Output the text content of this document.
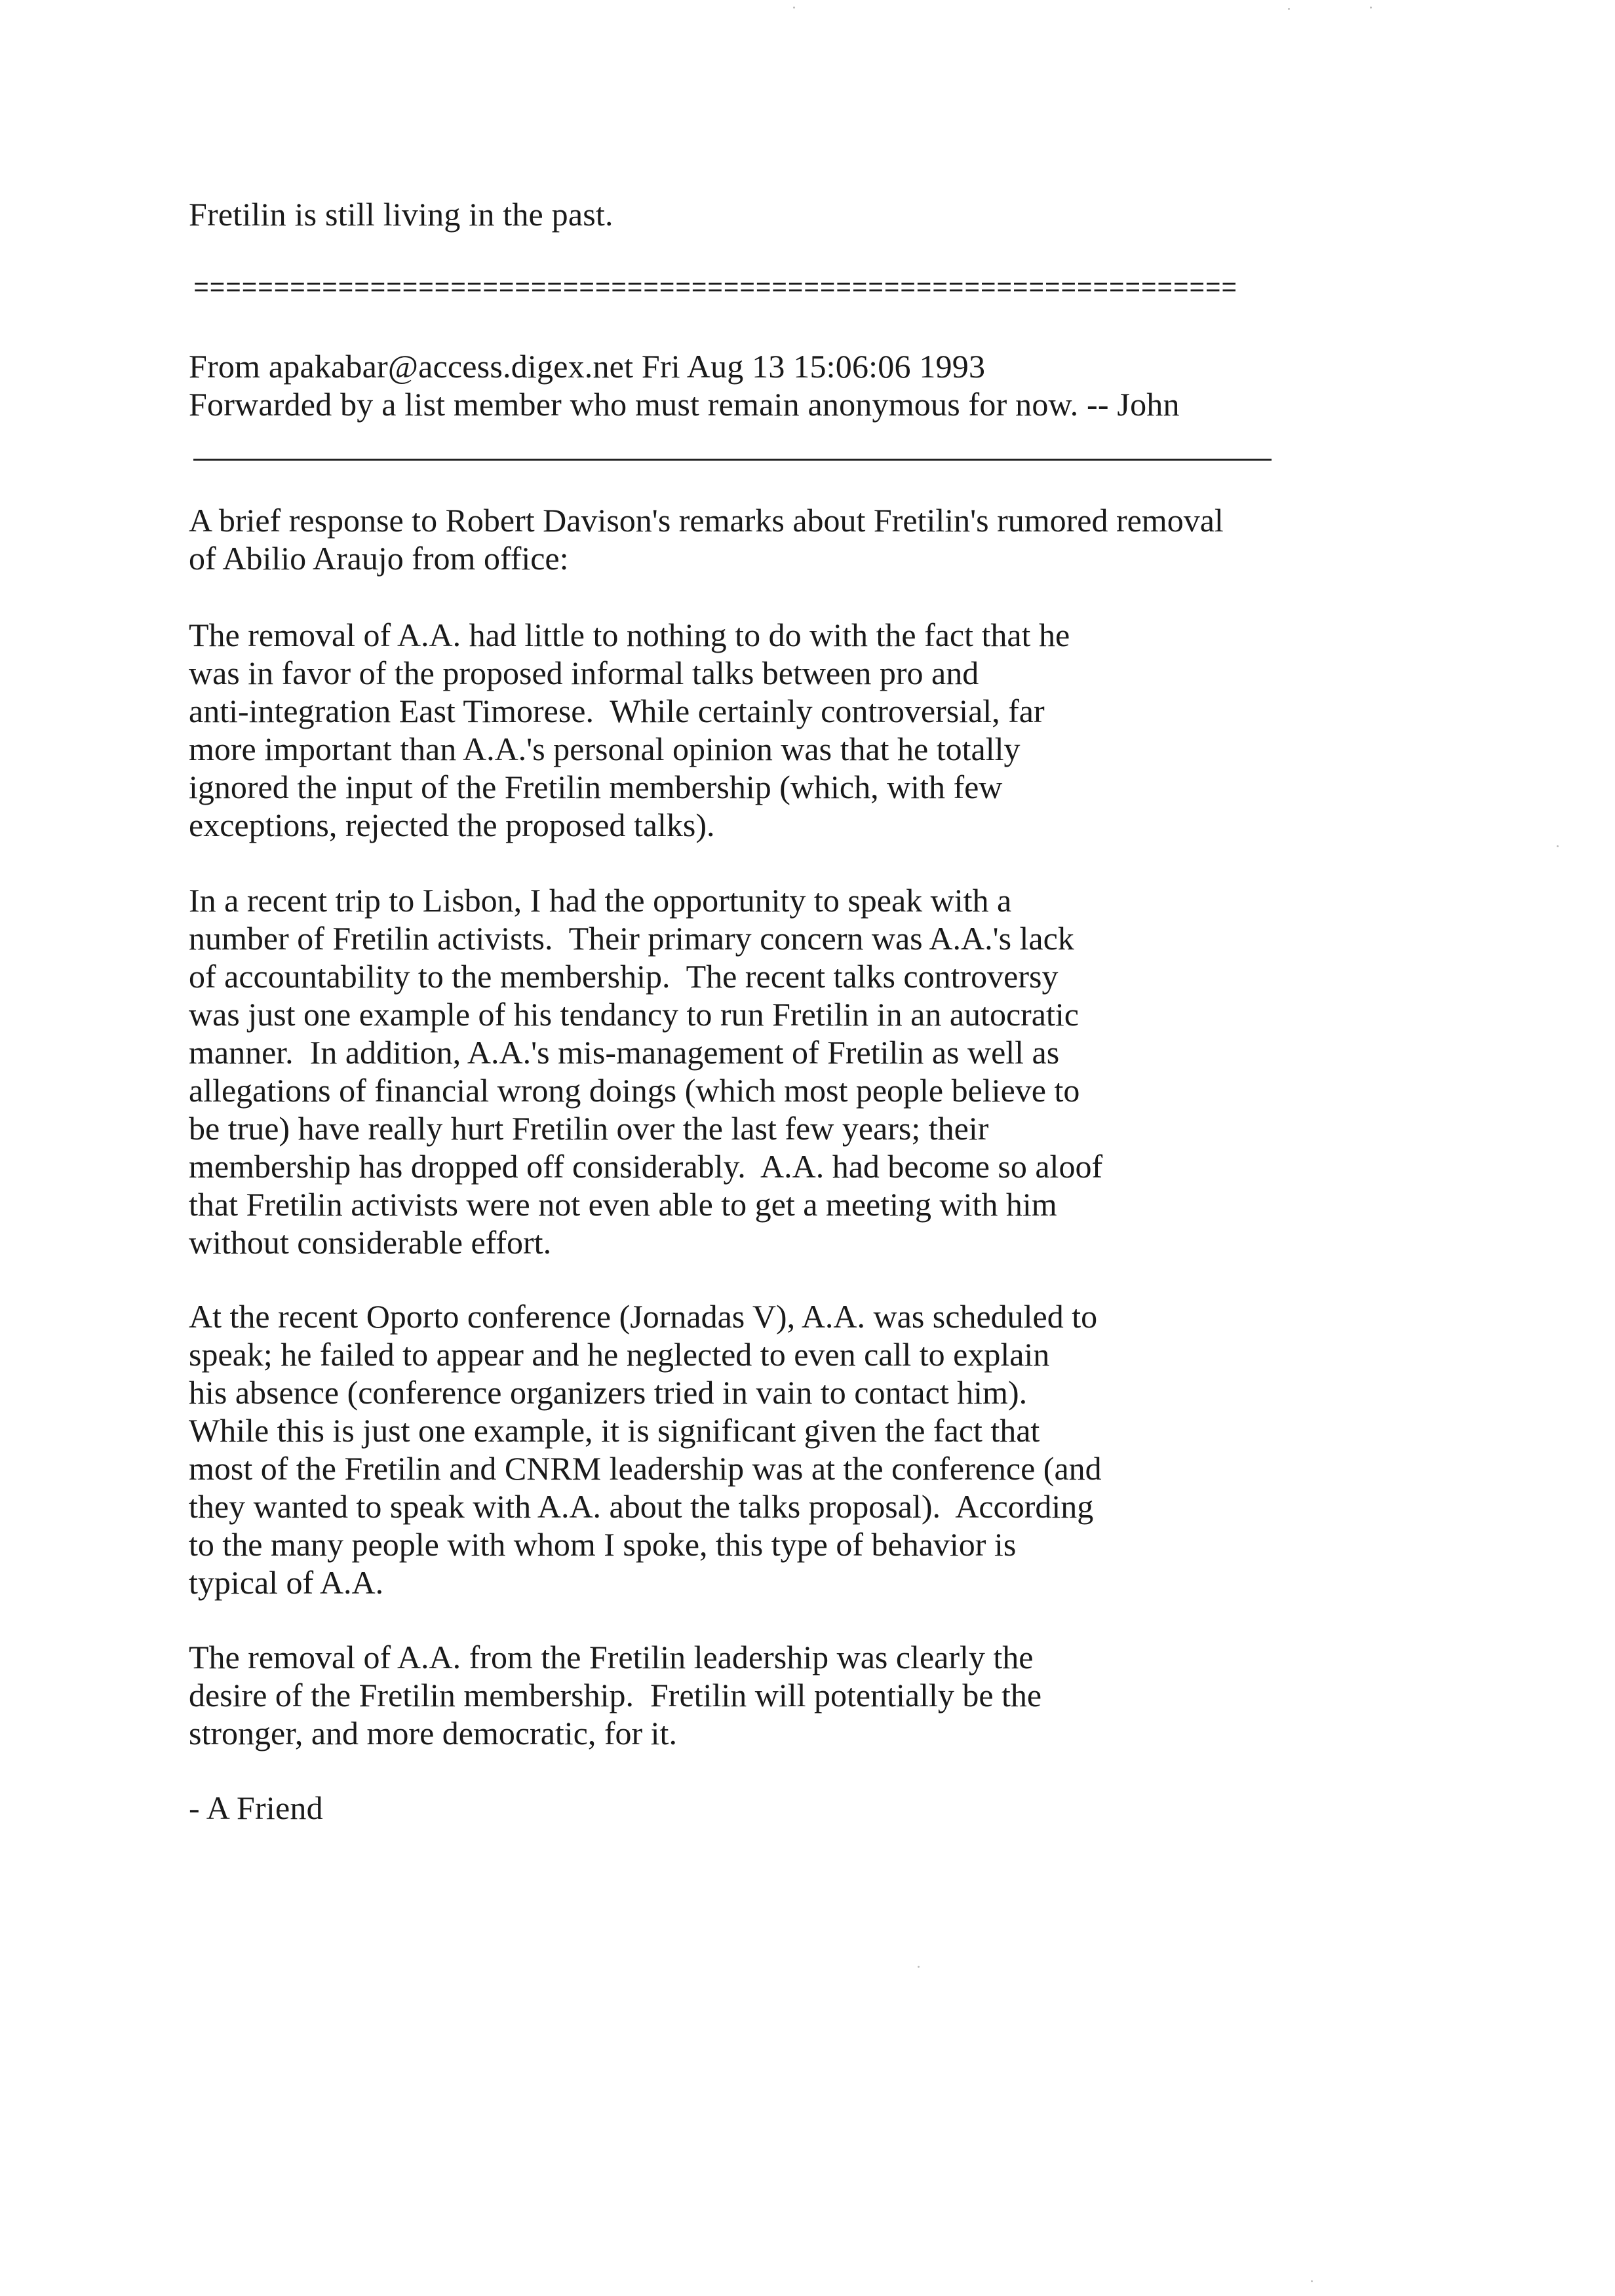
Fretilin is still living in the past.
=================================================================
From apakabar@access.digex.net Fri Aug 13 15:06:06 1993
Forwarded by a list member who must remain anonymous for now. -- John
A brief response to Robert Davison's remarks about Fretilin's rumored removal
of Abilio Araujo from office:
The removal of A.A. had little to nothing to do with the fact that he
was in favor of the proposed informal talks between pro and
anti-integration East Timorese.  While certainly controversial, far
more important than A.A.'s personal opinion was that he totally
ignored the input of the Fretilin membership (which, with few
exceptions, rejected the proposed talks).
In a recent trip to Lisbon, I had the opportunity to speak with a
number of Fretilin activists.  Their primary concern was A.A.'s lack
of accountability to the membership.  The recent talks controversy
was just one example of his tendancy to run Fretilin in an autocratic
manner.  In addition, A.A.'s mis-management of Fretilin as well as
allegations of financial wrong doings (which most people believe to
be true) have really hurt Fretilin over the last few years; their
membership has dropped off considerably.  A.A. had become so aloof
that Fretilin activists were not even able to get a meeting with him
without considerable effort.
At the recent Oporto conference (Jornadas V), A.A. was scheduled to
speak; he failed to appear and he neglected to even call to explain
his absence (conference organizers tried in vain to contact him).
While this is just one example, it is significant given the fact that
most of the Fretilin and CNRM leadership was at the conference (and
they wanted to speak with A.A. about the talks proposal).  According
to the many people with whom I spoke, this type of behavior is
typical of A.A.
The removal of A.A. from the Fretilin leadership was clearly the
desire of the Fretilin membership.  Fretilin will potentially be the
stronger, and more democratic, for it.
- A Friend
